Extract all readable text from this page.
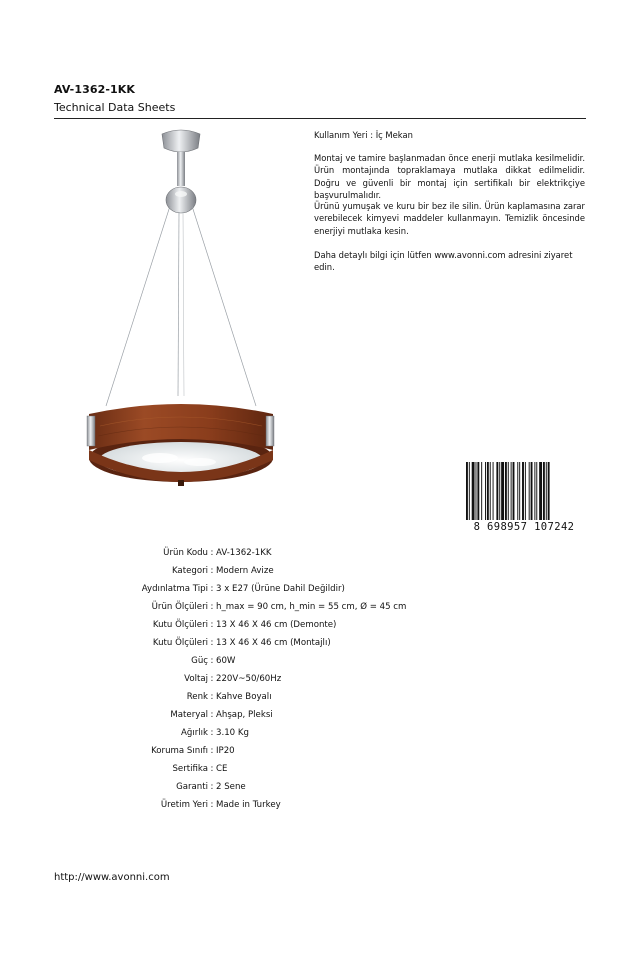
AV-1362-1KK
Technical Data Sheets
Kullanım Yeri : İç Mekan
Montaj ve tamire başlanmadan önce enerji mutlaka kesilmelidir. Ürün montajında topraklamaya mutlaka dikkat edilmelidir. Doğru ve güvenli bir montaj için sertifikalı bir elektrikçiye başvurulmalıdır.
Ürünü yumuşak ve kuru bir bez ile silin. Ürün kaplamasına zarar verebilecek kimyevi maddeler kullanmayın. Temizlik öncesinde enerjiyi mutlaka kesin.
Daha detaylı bilgi için lütfen www.avonni.com adresini ziyaret edin.
8 698957 107242
Ürün Kodu : AV-1362-1KK
Kategori : Modern Avize
Aydınlatma Tipi : 3 x E27 (Ürüne Dahil Değildir)
Ürün Ölçüleri : h_max = 90 cm, h_min = 55 cm, Ø = 45 cm
Kutu Ölçüleri : 13 X 46 X 46 cm (Demonte)
Kutu Ölçüleri : 13 X 46 X 46 cm (Montajlı)
Güç : 60W
Voltaj : 220V~50/60Hz
Renk : Kahve Boyalı
Materyal : Ahşap, Pleksi
Ağırlık : 3.10 Kg
Koruma Sınıfı : IP20
Sertifika : CE
Garanti : 2 Sene
Üretim Yeri : Made in Turkey
http://www.avonni.com
